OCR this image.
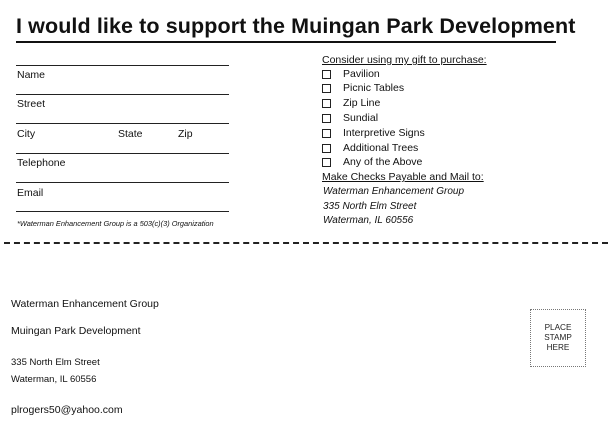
I would like to support the Muingan Park Development
Name
Street
City	State	Zip
Telephone
Email
*Waterman Enhancement Group is a 503(c)(3) Organization
Consider using my gift to purchase:
Pavilion
Picnic Tables
Zip Line
Sundial
Interpretive Signs
Additional Trees
Any of the Above
Make Checks Payable and Mail to:
Waterman Enhancement Group
335 North Elm Street
Waterman, IL 60556
Waterman Enhancement Group
Muingan Park Development
335 North Elm Street
Waterman, IL 60556
plrogers50@yahoo.com
PLACE
STAMP
HERE
